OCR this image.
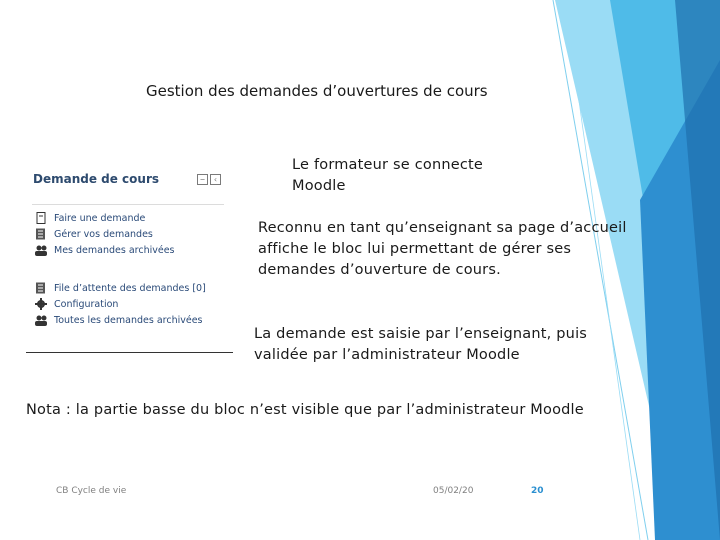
Gestion des demandes d’ouvertures de cours
Demande de cours	−	‹
Faire une demande
Gérer vos demandes
Mes demandes archivées
File d’attente des demandes [0]
Configuration
Toutes les demandes archivées
Le formateur se connecte Moodle
Reconnu en tant qu’enseignant sa page d’accueil affiche le bloc lui permettant de gérer ses demandes d’ouverture de cours.
La demande est saisie par l’enseignant, puis validée par l’administrateur Moodle
Nota : la partie basse du bloc n’est visible que par l’administrateur Moodle
CB Cycle de vie	05/02/20	20
